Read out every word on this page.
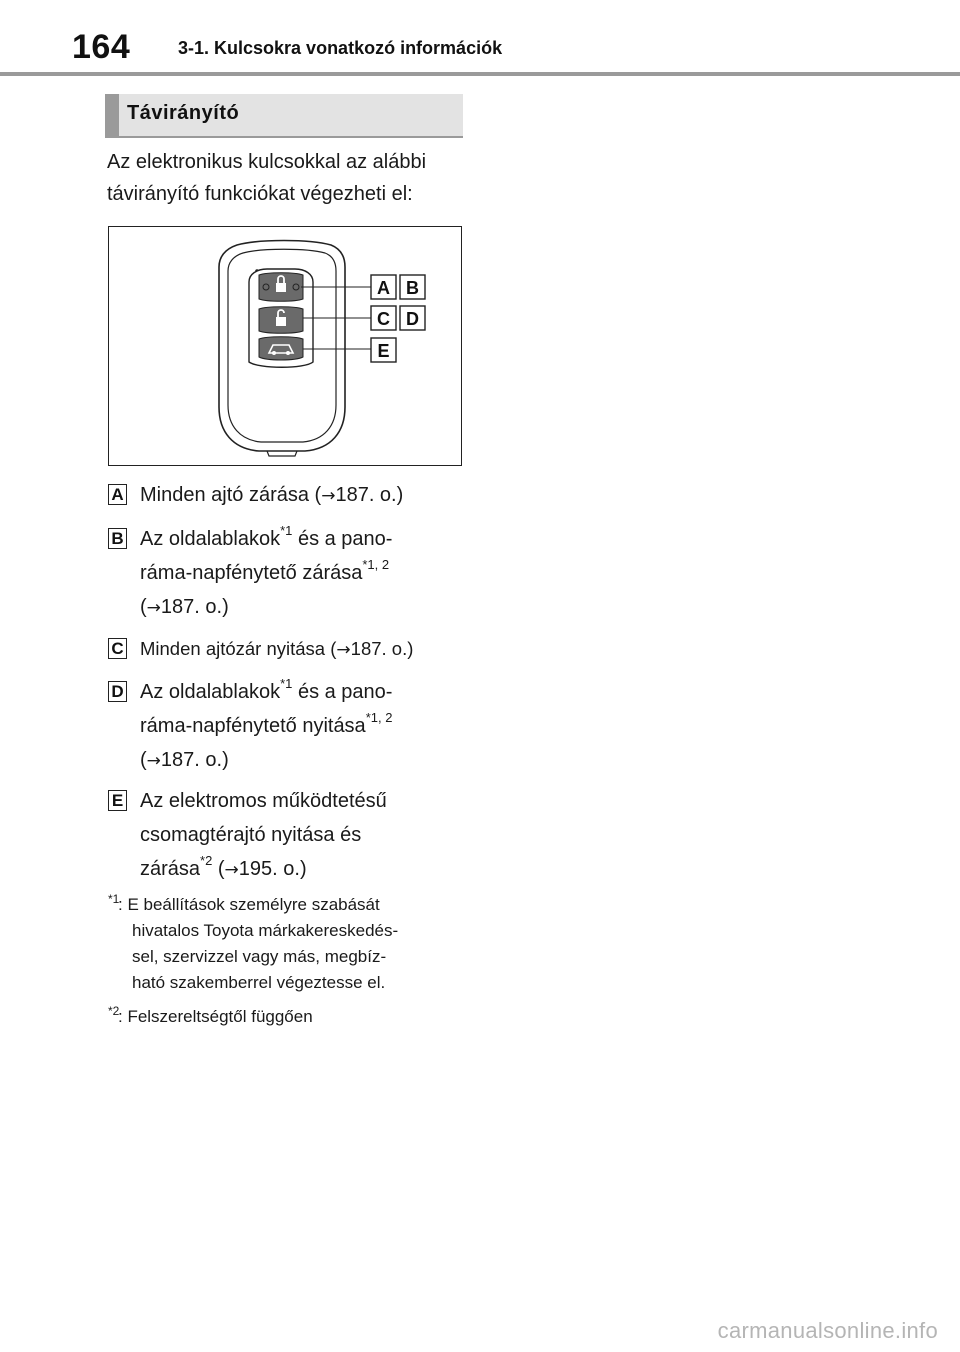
164	3-1. Kulcsokra vonatkozó információk
Távirányító
Az elektronikus kulcsokkal az alábbi
távirányító funkciókat végezheti el:
A B
C D
E
A Minden ajtó zárása (→187. o.)
B Az oldalablakok$^{*1}$ és a pano-
ráma-napfénytető zárása$^{*1, 2}$
(→187. o.)
C Minden ajtózár nyitása (→187. o.)
D Az oldalablakok$^{*1}$ és a pano-
ráma-napfénytető nyitása$^{*1, 2}$
(→187. o.)
E Az elektromos működtetésű
csomagtérajtó nyitása és
zárása$^{*2}$ (→195. o.)
*1
: E beállítások személyre szabását
hivatalos Toyota márkakereskedés-
sel, szervizzel vagy más, megbíz-
ható szakemberrel végeztesse el.
*2
: Felszereltségtől függően
carmanualsonline.info
